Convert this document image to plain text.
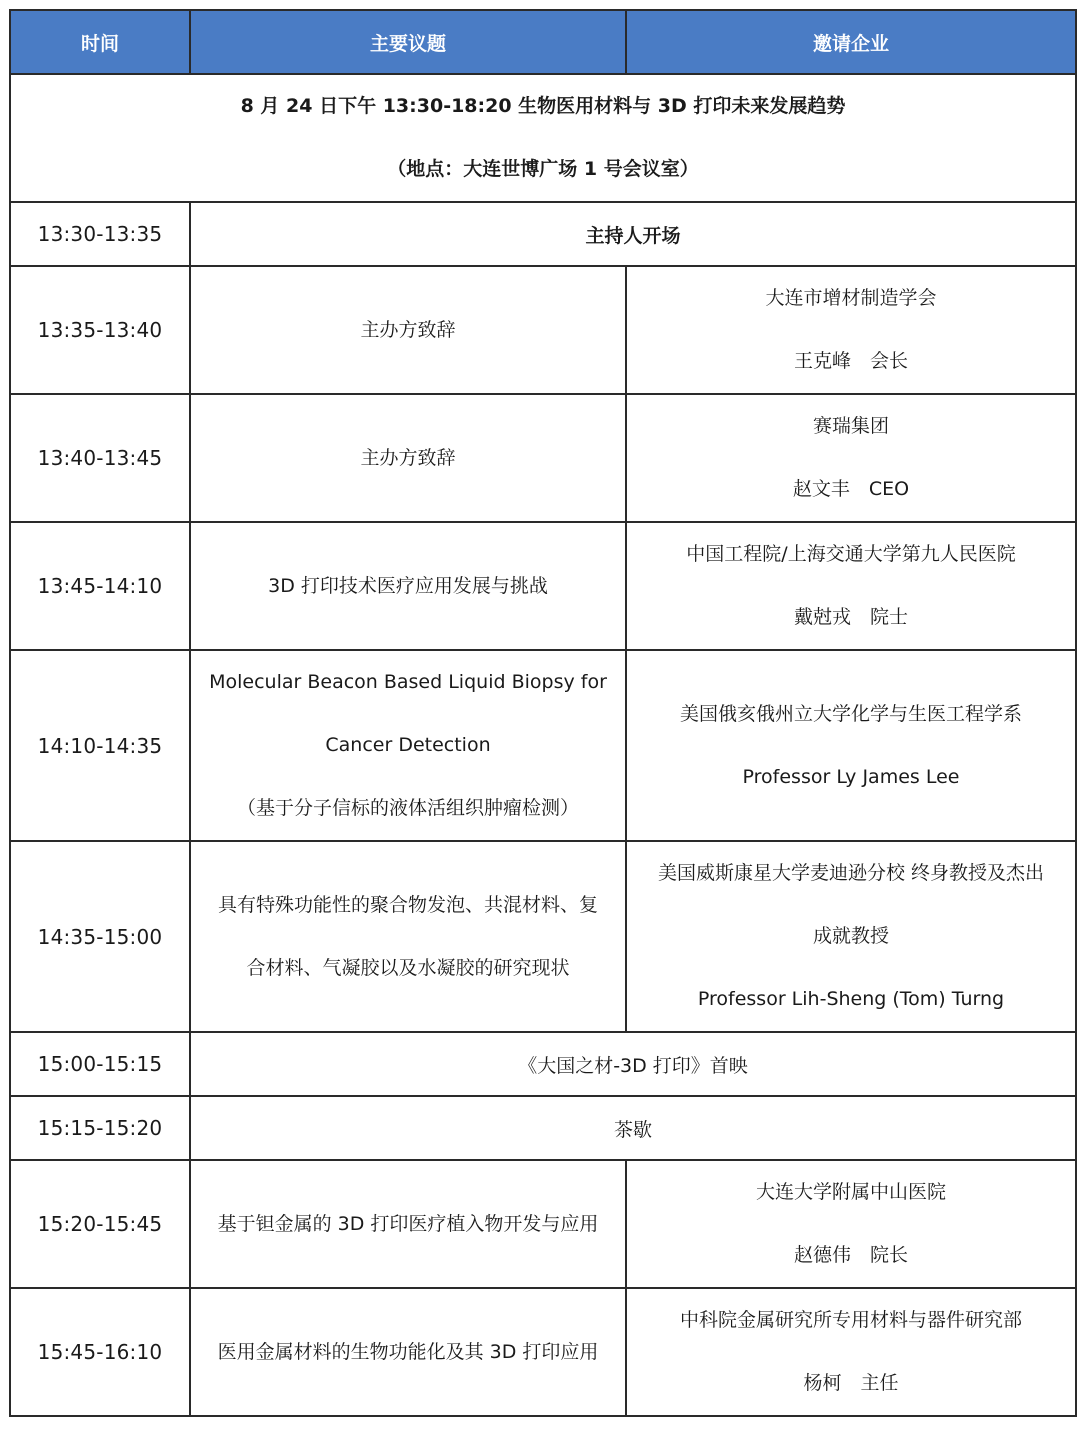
时间	主要议题	邀请企业

8 月 24 日下午 13:30-18:20 生物医用材料与 3D 打印未来发展趋势
（地点：大连世博广场 1 号会议室）		

13:30-13:35	主持人开场	
13:35-13:40	主办方致辞	大连市增材制造学会
王克峰　会长

13:40-13:45	主办方致辞	赛瑞集团
赵文丰　CEO

13:45-14:10	3D 打印技术医疗应用发展与挑战	中国工程院/上海交通大学第九人民医院
戴尅戎　院士

14:10-14:35	Molecular Beacon Based Liquid Biopsy for
Cancer Detection
（基于分子信标的液体活组织肿瘤检测）	美国俄亥俄州立大学化学与生医工程学系
Professor Ly James Lee

14:35-15:00	具有特殊功能性的聚合物发泡、共混材料、复
合材料、气凝胶以及水凝胶的研究现状	美国威斯康星大学麦迪逊分校 终身教授及杰出
成就教授
Professor Lih-Sheng (Tom) Turng

15:00-15:15	《大国之材-3D 打印》首映	
15:15-15:20	茶歇	
15:20-15:45	基于钽金属的 3D 打印医疗植入物开发与应用	大连大学附属中山医院
赵德伟　院长

15:45-16:10	医用金属材料的生物功能化及其 3D 打印应用	中科院金属研究所专用材料与器件研究部
杨柯　主任
